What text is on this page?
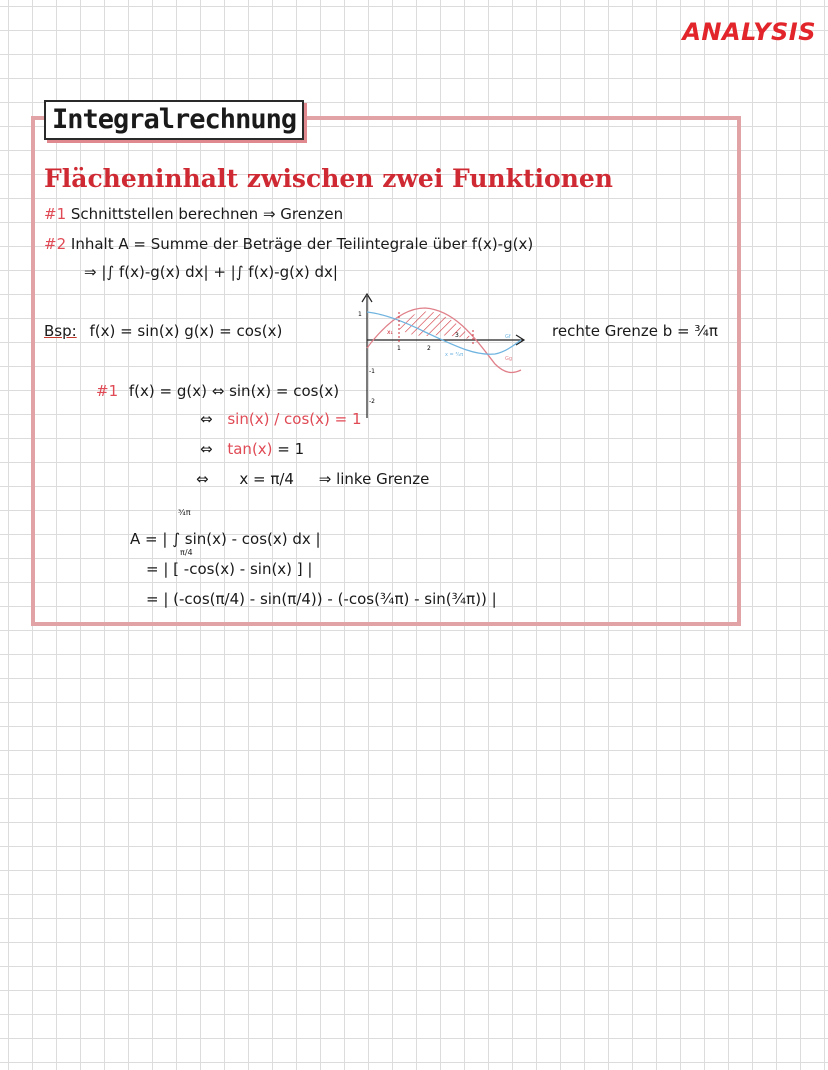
ANALYSIS
Integralrechnung
Flächeninhalt zwischen zwei Funktionen
#1 Schnittstellen berechnen ⇒ Grenzen
#2 Inhalt A = Summe der Beträge der Teilintegrale über f(x)-g(x)
⇒ |∫ f(x)-g(x) dx| + |∫ f(x)-g(x) dx|
Bsp: f(x) = sin(x) g(x) = cos(x)	rechte Grenze b = ³⁄₄π
1
-1
-2
1	2
3
x₁
x = ³⁄₄π
Gf
Gg
#1 f(x) = g(x) ⇔ sin(x) = cos(x)
⇔ sin(x) / cos(x) = 1
⇔ tan(x) = 1
⇔ x = π/4 ⇒ linke Grenze
³⁄₄π
A = | ∫ sin(x) - cos(x) dx |
π/4
= | [ -cos(x) - sin(x) ] |
= | (-cos(π/4) - sin(π/4)) - (-cos(¾π) - sin(¾π)) |
